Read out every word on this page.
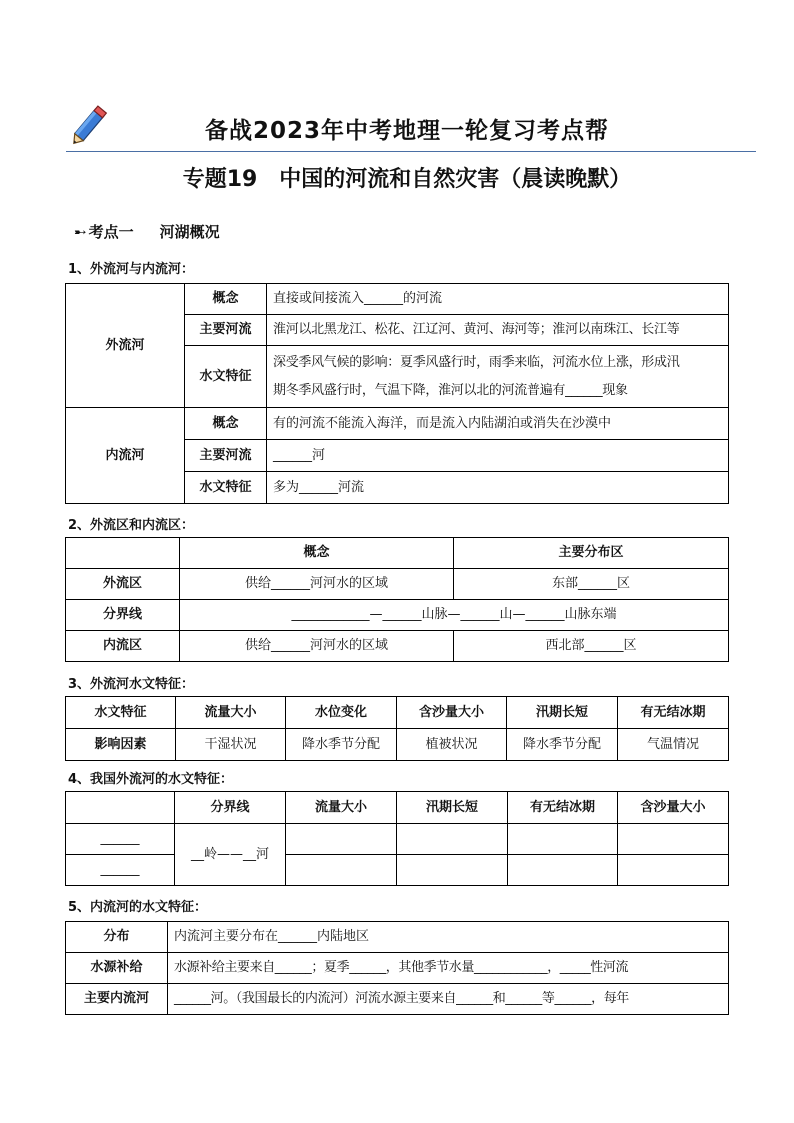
备战2023年中考地理一轮复习考点帮
专题19　中国的河流和自然灾害（晨读晚默）
➸ 考点一 河湖概况
1、外流河与内流河：
外流河	概念	直接或间接流入______的河流
	主要河流	淮河以北黑龙江、松花、江辽河、黄河、海河等；淮河以南珠江、长江等
	水文特征	深受季风气候的影响：夏季风盛行时，雨季来临，河流水位上涨，形成汛
期冬季风盛行时，气温下降，淮河以北的河流普遍有______现象

内流河	概念	有的河流不能流入海洋，而是流入内陆湖泊或消失在沙漠中
	主要河流	______河
	水文特征	多为______河流
2、外流区和内流区：
	概念	主要分布区
外流区	供给______河河水的区域	东部______区
分界线	____________—______山脉—______山—______山脉东端	
内流区	供给______河河水的区域	西北部______区
3、外流河水文特征：
水文特征	流量大小	水位变化	含沙量大小	汛期长短	有无结冰期
影响因素	干湿状况	降水季节分配	植被状况	降水季节分配	气温情况
4、我国外流河的水文特征：
	分界线	流量大小	汛期长短	有无结冰期	含沙量大小
______	__岭——__河				
______					
5、内流河的水文特征：
分布	内流河主要分布在______内陆地区
水源补给	水源补给主要来自______；夏季______，其他季节水量____________，_____性河流
主要内流河	______河。（我国最长的内流河）河流水源主要来自______和______等______，每年
